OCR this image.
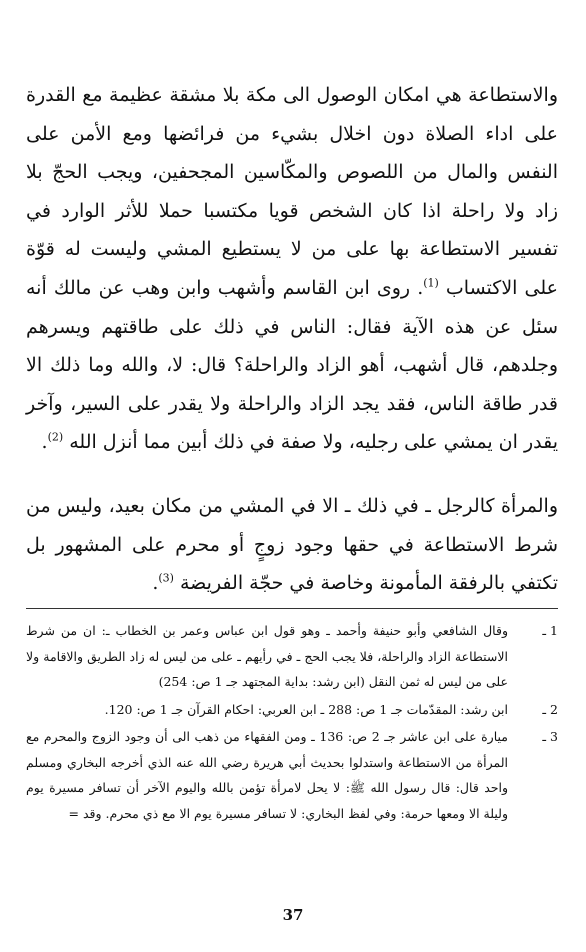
والاستطاعة هي امكان الوصول الى مكة بلا مشقة عظيمة مع القدرة على اداء الصلاة دون اخلال بشيء من فرائضها ومع الأمن على النفس والمال من اللصوص والمكّاسين المجحفين، ويجب الحجّ بلا زاد ولا راحلة اذا كان الشخص قويا مكتسبا حملا للأثر الوارد في تفسير الاستطاعة بها على من لا يستطيع المشي وليست له قوّة على الاكتساب $^{(1)}$. روى ابن القاسم وأشهب وابن وهب عن مالك أنه سئل عن هذه الآية فقال: الناس في ذلك على طاقتهم ويسرهم وجلدهم، قال أشهب، أهو الزاد والراحلة؟ قال: لا، والله وما ذلك الا قدر طاقة الناس، فقد يجد الزاد والراحلة ولا يقدر على السير، وآخر يقدر ان يمشي على رجليه، ولا صفة في ذلك أبين مما أنزل الله $^{(2)}$.

والمرأة كالرجل ـ في ذلك ـ الا في المشي من مكان بعيد، وليس من شرط الاستطاعة في حقها وجود زوجٍ أو محرم على المشهور بل تكتفي بالرفقة المأمونة وخاصة في حجّة الفريضة $^{(3)}$.

1 ـ
وقال الشافعي وأبو حنيفة وأحمد ـ وهو قول ابن عباس وعمر بن الخطاب ـ: ان من شرط الاستطاعة الزاد والراحلة، فلا يجب الحج ـ في رأيهم ـ على من ليس له زاد الطريق والاقامة ولا على من ليس له ثمن النقل (ابن رشد: بداية المجتهد جـ 1 ص: 254)
2 ـ
ابن رشد: المقدّمات جـ 1 ص: 288 ـ ابن العربي: احكام القرآن جـ 1 ص: 120.
3 ـ
ميارة على ابن عاشر جـ 2 ص: 136 ـ ومن الفقهاء من ذهب الى أن وجود الزوج والمحرم مع المرأة من الاستطاعة واستدلوا بحديث أبي هريرة رضي الله عنه الذي أخرجه البخاري ومسلم واحد قال: قال رسول الله ﷺ: لا يحل لامرأة تؤمن بالله واليوم الآخر أن تسافر مسيرة يوم وليلة الا ومعها حرمة: وفي لفظ البخاري: لا تسافر مسيرة يوم الا مع ذي محرم. وقد =
37
